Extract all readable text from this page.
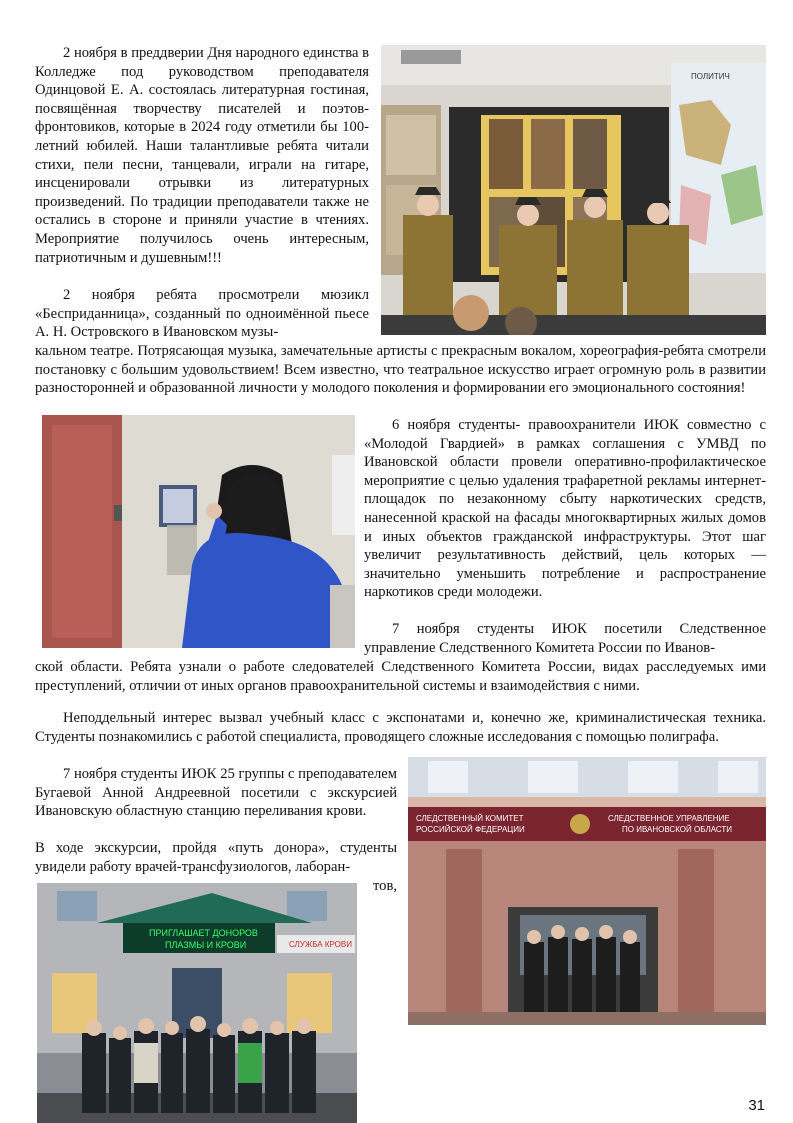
2 ноября в преддверии Дня народного единства в Колледже под руководством преподавателя Одинцовой Е. А. состоялась литературная гостиная, посвящённая творчеству писателей и поэтов- фронтовиков, которые в 2024 году отметили бы 100-летний юбилей. Наши талантливые ребята читали стихи, пели песни, танцевали, играли на гитаре, инсценировали отрывки из литературных произведений. По традиции преподаватели также не остались в стороне и приняли участие в чтениях. Мероприятие получилось очень интересным, патриотичным и душевным!!!

2 ноября ребята просмотрели мюзикл «Бесприданница», созданный по одноимённой пьесе А. Н. Островского в Ивановском музы-

кальном театре. Потрясающая музыка, замечательные артисты с прекрасным вокалом, хореография-ребята смотрели постановку с большим удовольствием! Всем известно, что театральное искусство играет огромную роль в развитии разносторонней и образованной личности у молодого поколения и формировании его эмоционального состояния!

6 ноября студенты- правоохранители ИЮК совместно с «Молодой Гвардией» в рамках соглашения с УМВД по Ивановской области провели оперативно-профилактическое мероприятие с целью удаления трафаретной рекламы интернет-площадок по незаконному сбыту наркотических средств, нанесенной краской на фасады многоквартирных жилых домов и иных объектов гражданской инфраструктуры. Этот шаг увеличит результативность действий, цель которых — значительно уменьшить потребление и распространение наркотиков среди молодежи.

7 ноября студенты ИЮК посетили Следственное управление Следственного Комитета России по Иванов-

ской области. Ребята узнали о работе следователей Следственного Комитета России, видах расследуемых ими преступлений, отличии от иных органов правоохранительной системы и взаимодействия с ними.

Неподдельный интерес вызвал учебный класс с экспонатами и, конечно же, криминалистическая техника. Студенты познакомились с работой специалиста, проводящего сложные исследования с помощью полиграфа.

7 ноября студенты ИЮК 25 группы с преподавателем Бугаевой Анной Андреевной посетили с экскурсией Ивановскую областную станцию переливания крови.

В ходе экскурсии, пройдя «путь донора», студенты увидели работу врачей-трансфузиологов, лаборан-

тов,

ПОЛИТИЧ
СЛЕДСТВЕННЫЙ КОМИТЕТ
РОССИЙСКОЙ ФЕДЕРАЦИИ
СЛЕДСТВЕННОЕ УПРАВЛЕНИЕ
ПО ИВАНОВСКОЙ ОБЛАСТИ
ПРИГЛАШАЕТ ДОНОРОВ
ПЛАЗМЫ И КРОВИ	СЛУЖБА КРОВИ
31
